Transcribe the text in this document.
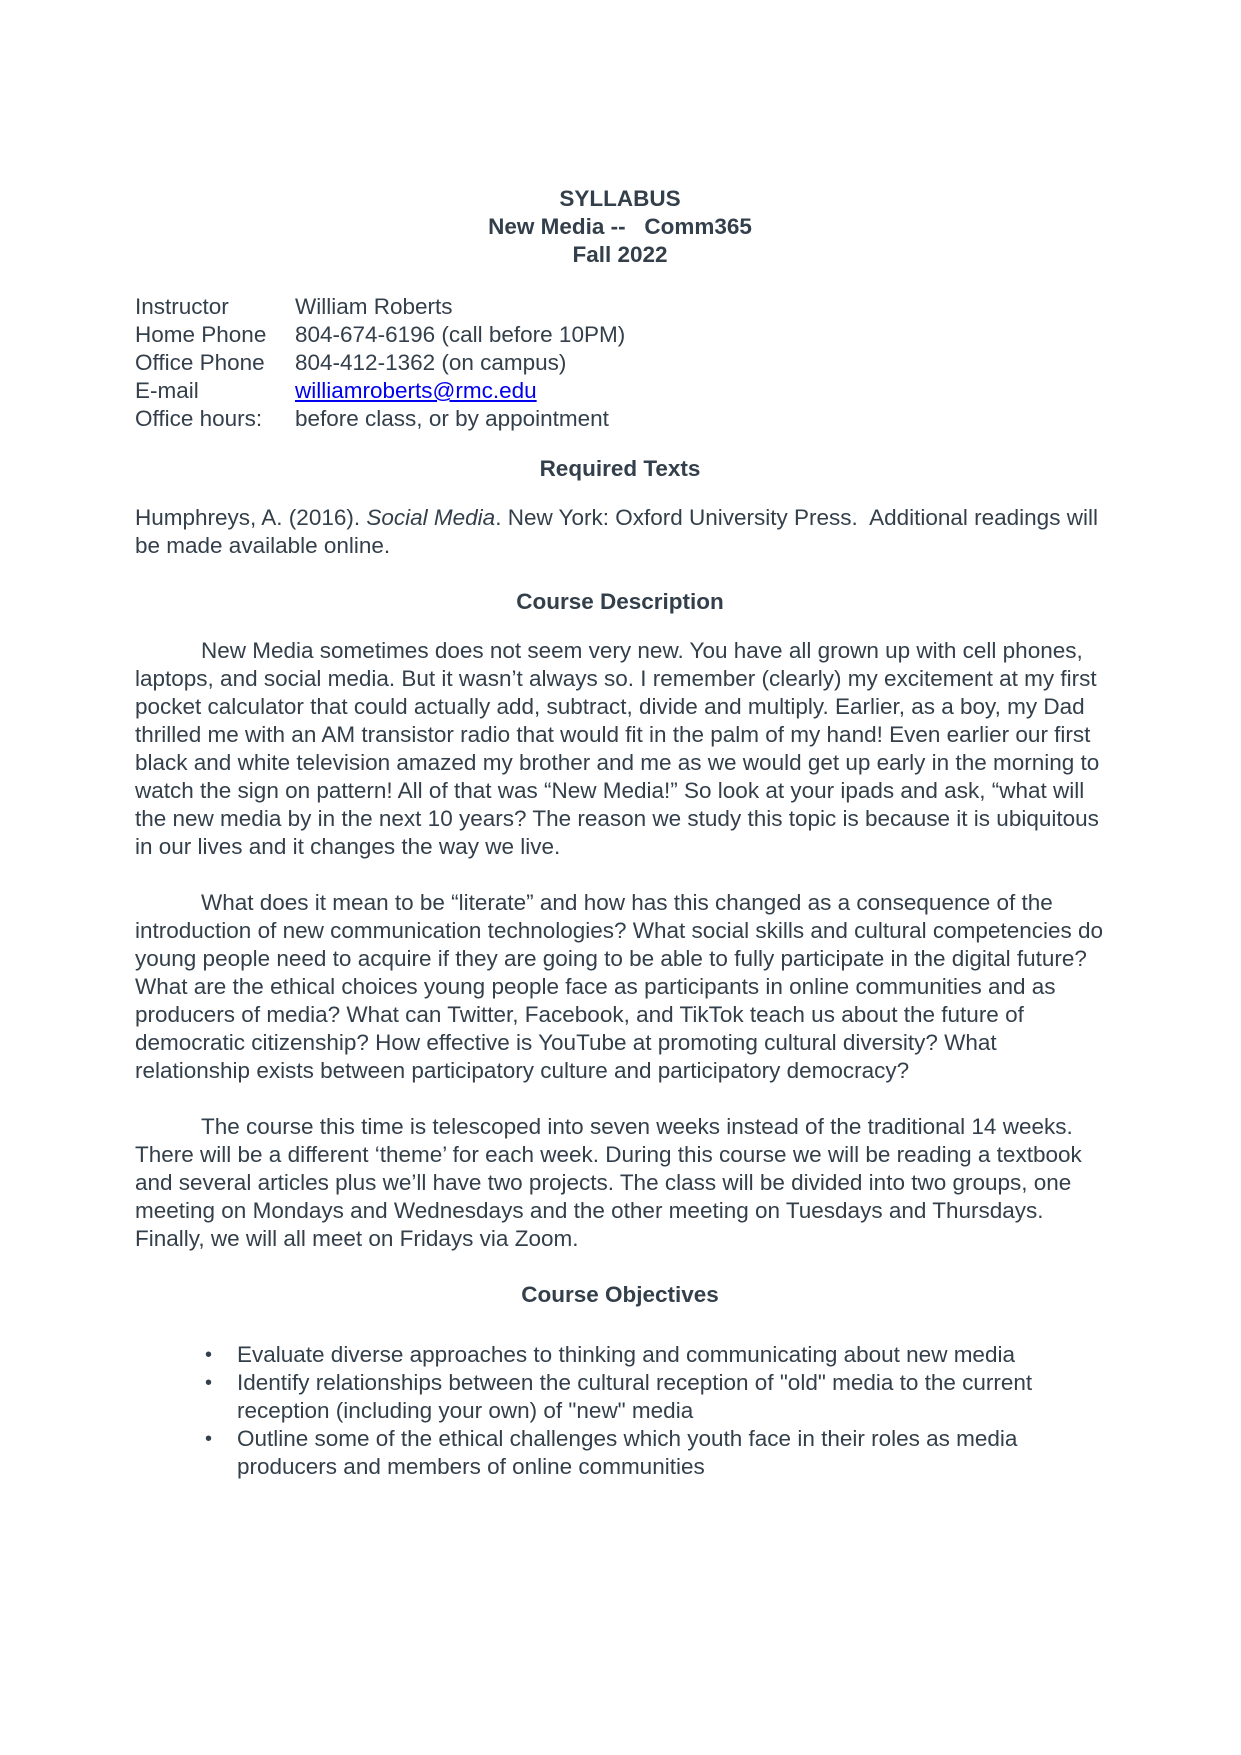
SYLLABUS
New Media --   Comm365
Fall 2022
Instructor	William Roberts
Home Phone	804-674-6196 (call before 10PM)
Office Phone	804-412-1362 (on campus)
E-mail	williamroberts@rmc.edu
Office hours:	before class, or by appointment
Required Texts

Humphreys, A. (2016). Social Media. New York: Oxford University Press.  Additional readings will be made available online.

Course Description

New Media sometimes does not seem very new. You have all grown up with cell phones, laptops, and social media. But it wasn’t always so. I remember (clearly) my excitement at my first pocket calculator that could actually add, subtract, divide and multiply. Earlier, as a boy, my Dad thrilled me with an AM transistor radio that would fit in the palm of my hand! Even earlier our first black and white television amazed my brother and me as we would get up early in the morning to watch the sign on pattern! All of that was “New Media!” So look at your ipads and ask, “what will the new media by in the next 10 years? The reason we study this topic is because it is ubiquitous in our lives and it changes the way we live.

What does it mean to be “literate” and how has this changed as a consequence of the introduction of new communication technologies? What social skills and cultural competencies do young people need to acquire if they are going to be able to fully participate in the digital future? What are the ethical choices young people face as participants in online communities and as producers of media? What can Twitter, Facebook, and TikTok teach us about the future of democratic citizenship? How effective is YouTube at promoting cultural diversity? What relationship exists between participatory culture and participatory democracy?

The course this time is telescoped into seven weeks instead of the traditional 14 weeks. There will be a different ‘theme’ for each week. During this course we will be reading a textbook and several articles plus we’ll have two projects. The class will be divided into two groups, one meeting on Mondays and Wednesdays and the other meeting on Tuesdays and Thursdays. Finally, we will all meet on Fridays via Zoom.

Course Objectives
•	Evaluate diverse approaches to thinking and communicating about new media
•	Identify relationships between the cultural reception of "old" media to the current reception (including your own) of "new" media
•	Outline some of the ethical challenges which youth face in their roles as media producers and members of online communities
